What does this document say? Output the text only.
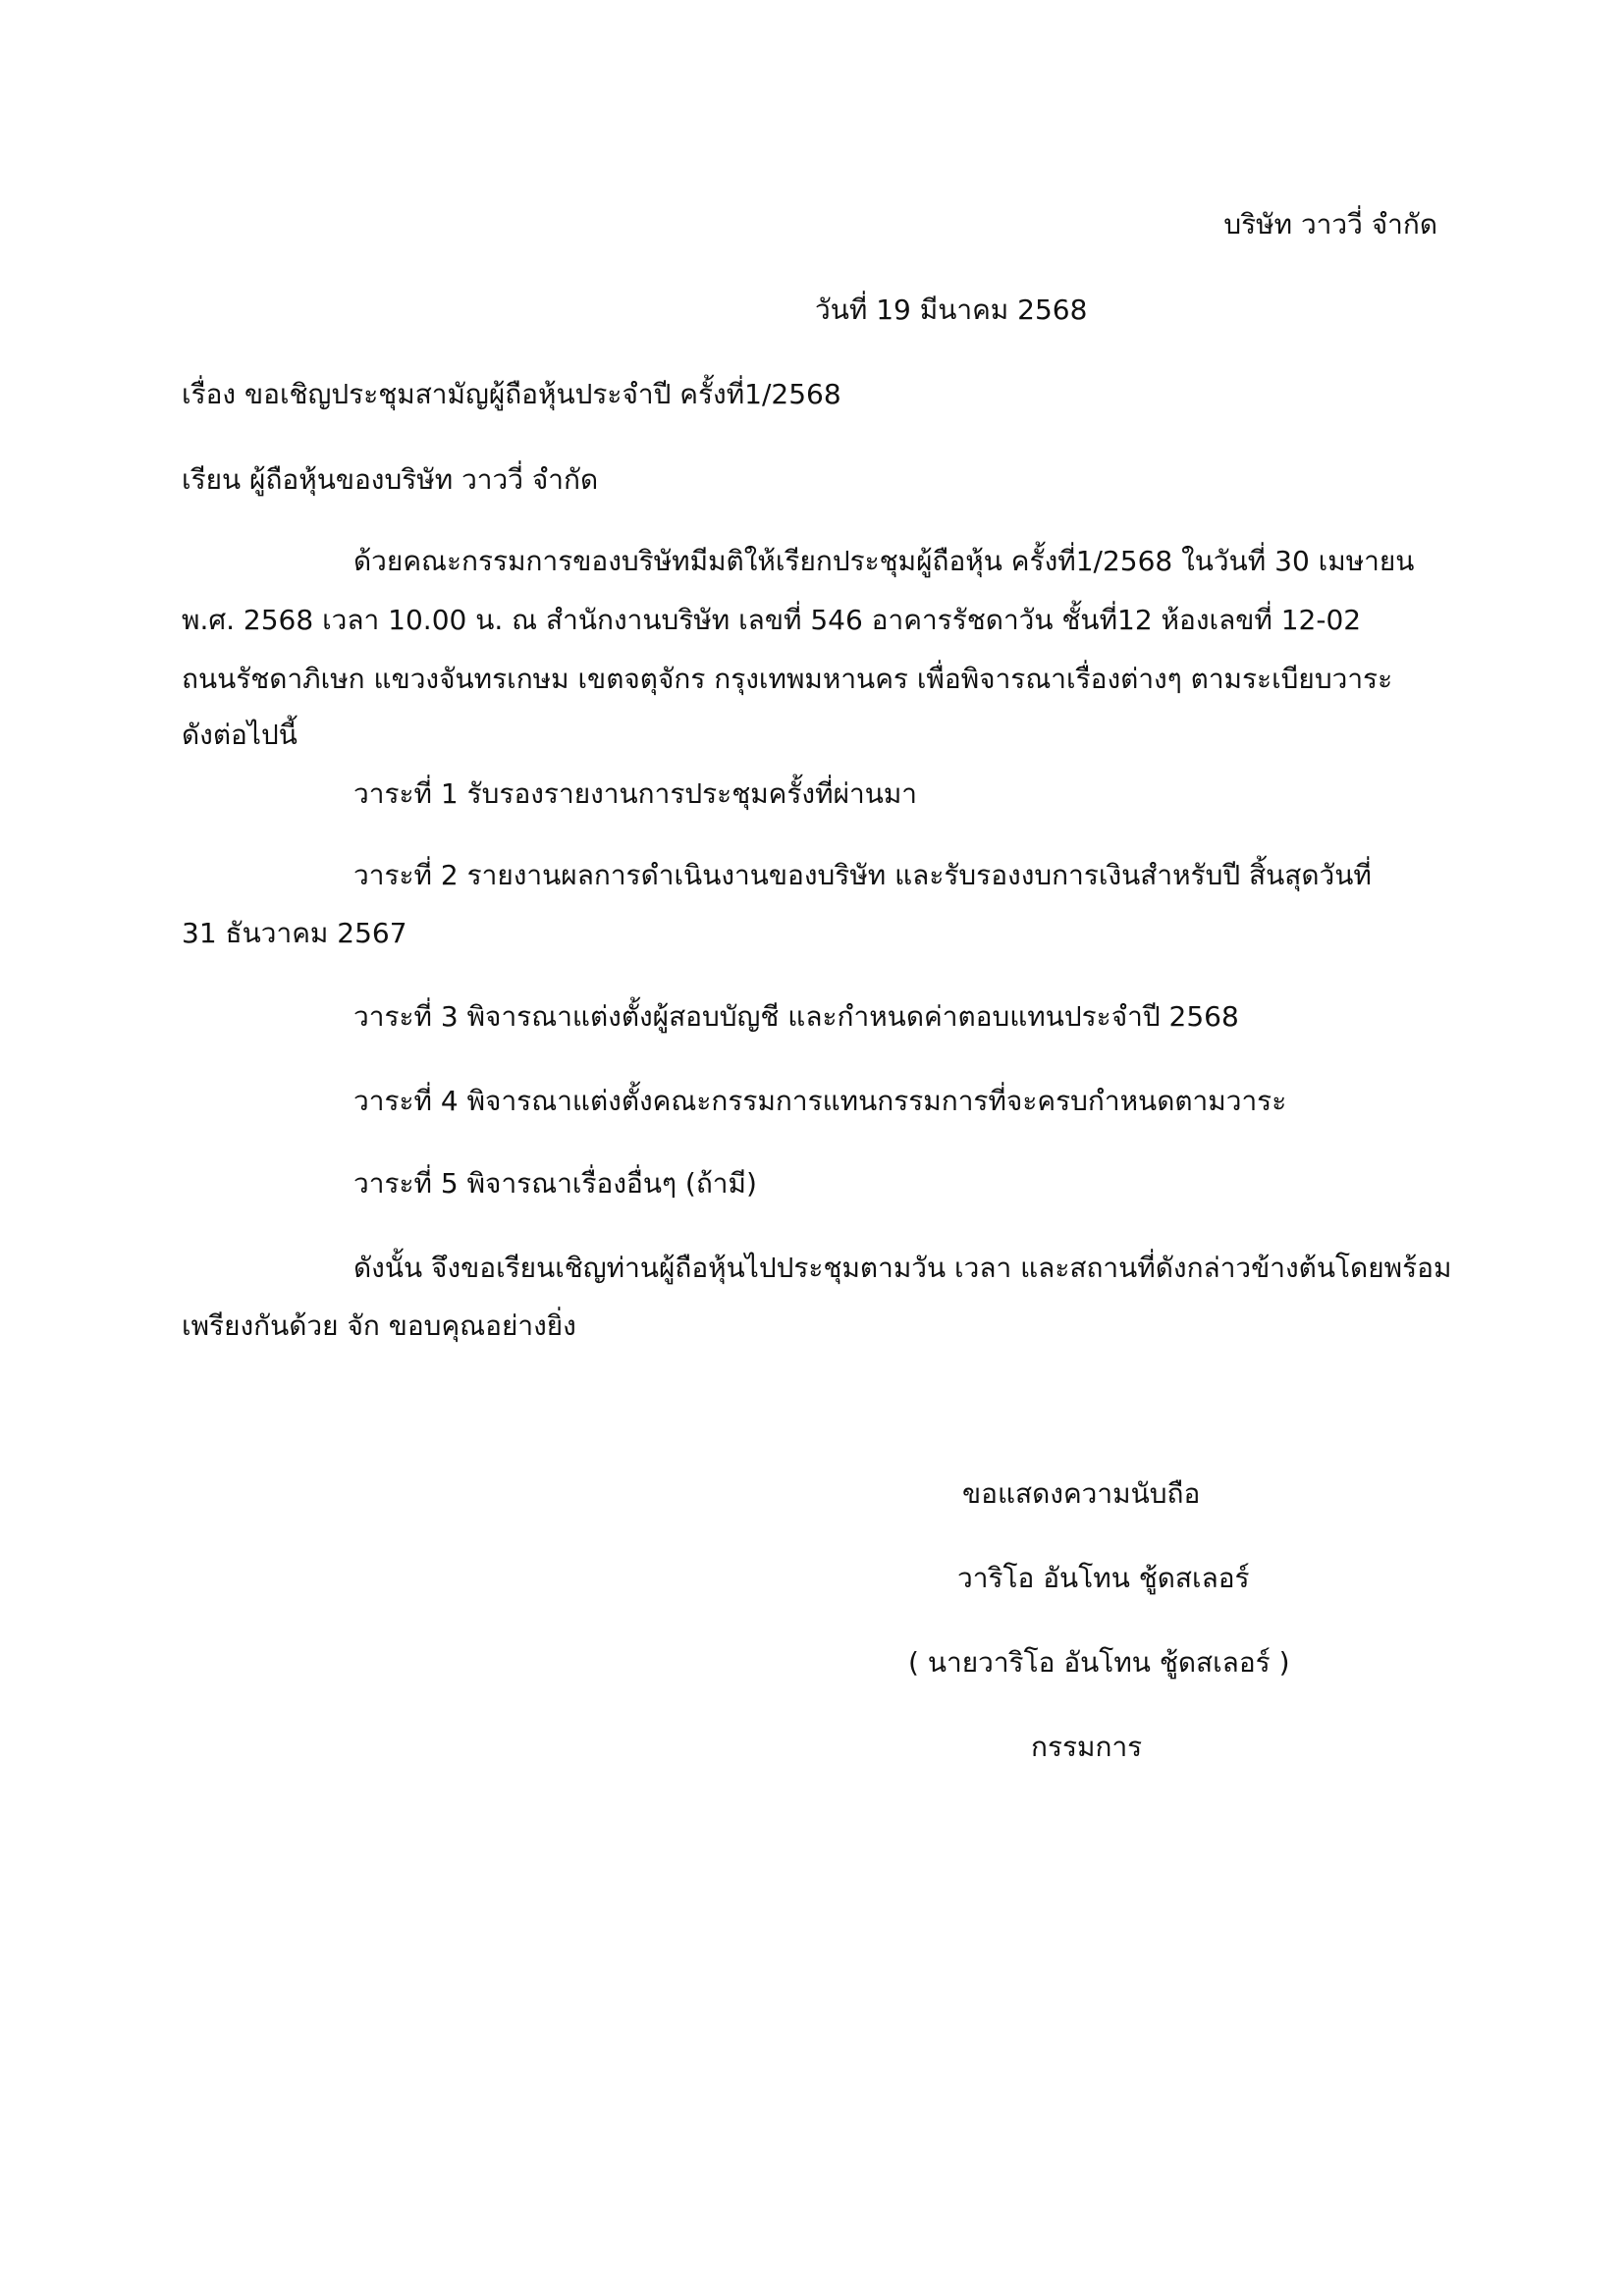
บริษัท วาววี่ จำกัด
วันที่ 19 มีนาคม 2568
เรื่อง ขอเชิญประชุมสามัญผู้ถือหุ้นประจำปี ครั้งที่1/2568
เรียน ผู้ถือหุ้นของบริษัท วาววี่ จำกัด
ด้วยคณะกรรมการของบริษัทมีมติให้เรียกประชุมผู้ถือหุ้น ครั้งที่1/2568 ในวันที่ 30 เมษายน
พ.ศ. 2568 เวลา 10.00 น. ณ สำนักงานบริษัท เลขที่ 546 อาคารรัชดาวัน ชั้นที่12 ห้องเลขที่ 12-02
ถนนรัชดาภิเษก แขวงจันทรเกษม เขตจตุจักร กรุงเทพมหานคร เพื่อพิจารณาเรื่องต่างๆ ตามระเบียบวาระ
ดังต่อไปนี้
วาระที่ 1 รับรองรายงานการประชุมครั้งที่ผ่านมา
วาระที่ 2 รายงานผลการดำเนินงานของบริษัท และรับรองงบการเงินสำหรับปี สิ้นสุดวันที่
31 ธันวาคม 2567
วาระที่ 3 พิจารณาแต่งตั้งผู้สอบบัญชี และกำหนดค่าตอบแทนประจำปี 2568
วาระที่ 4 พิจารณาแต่งตั้งคณะกรรมการแทนกรรมการที่จะครบกำหนดตามวาระ
วาระที่ 5 พิจารณาเรื่องอื่นๆ (ถ้ามี)
ดังนั้น จึงขอเรียนเชิญท่านผู้ถือหุ้นไปประชุมตามวัน เวลา และสถานที่ดังกล่าวข้างต้นโดยพร้อม
เพรียงกันด้วย จัก ขอบคุณอย่างยิ่ง
ขอแสดงความนับถือ
วาริโอ อันโทน ชู้ดสเลอร์
( นายวาริโอ อันโทน ชู้ดสเลอร์ )
กรรมการ
